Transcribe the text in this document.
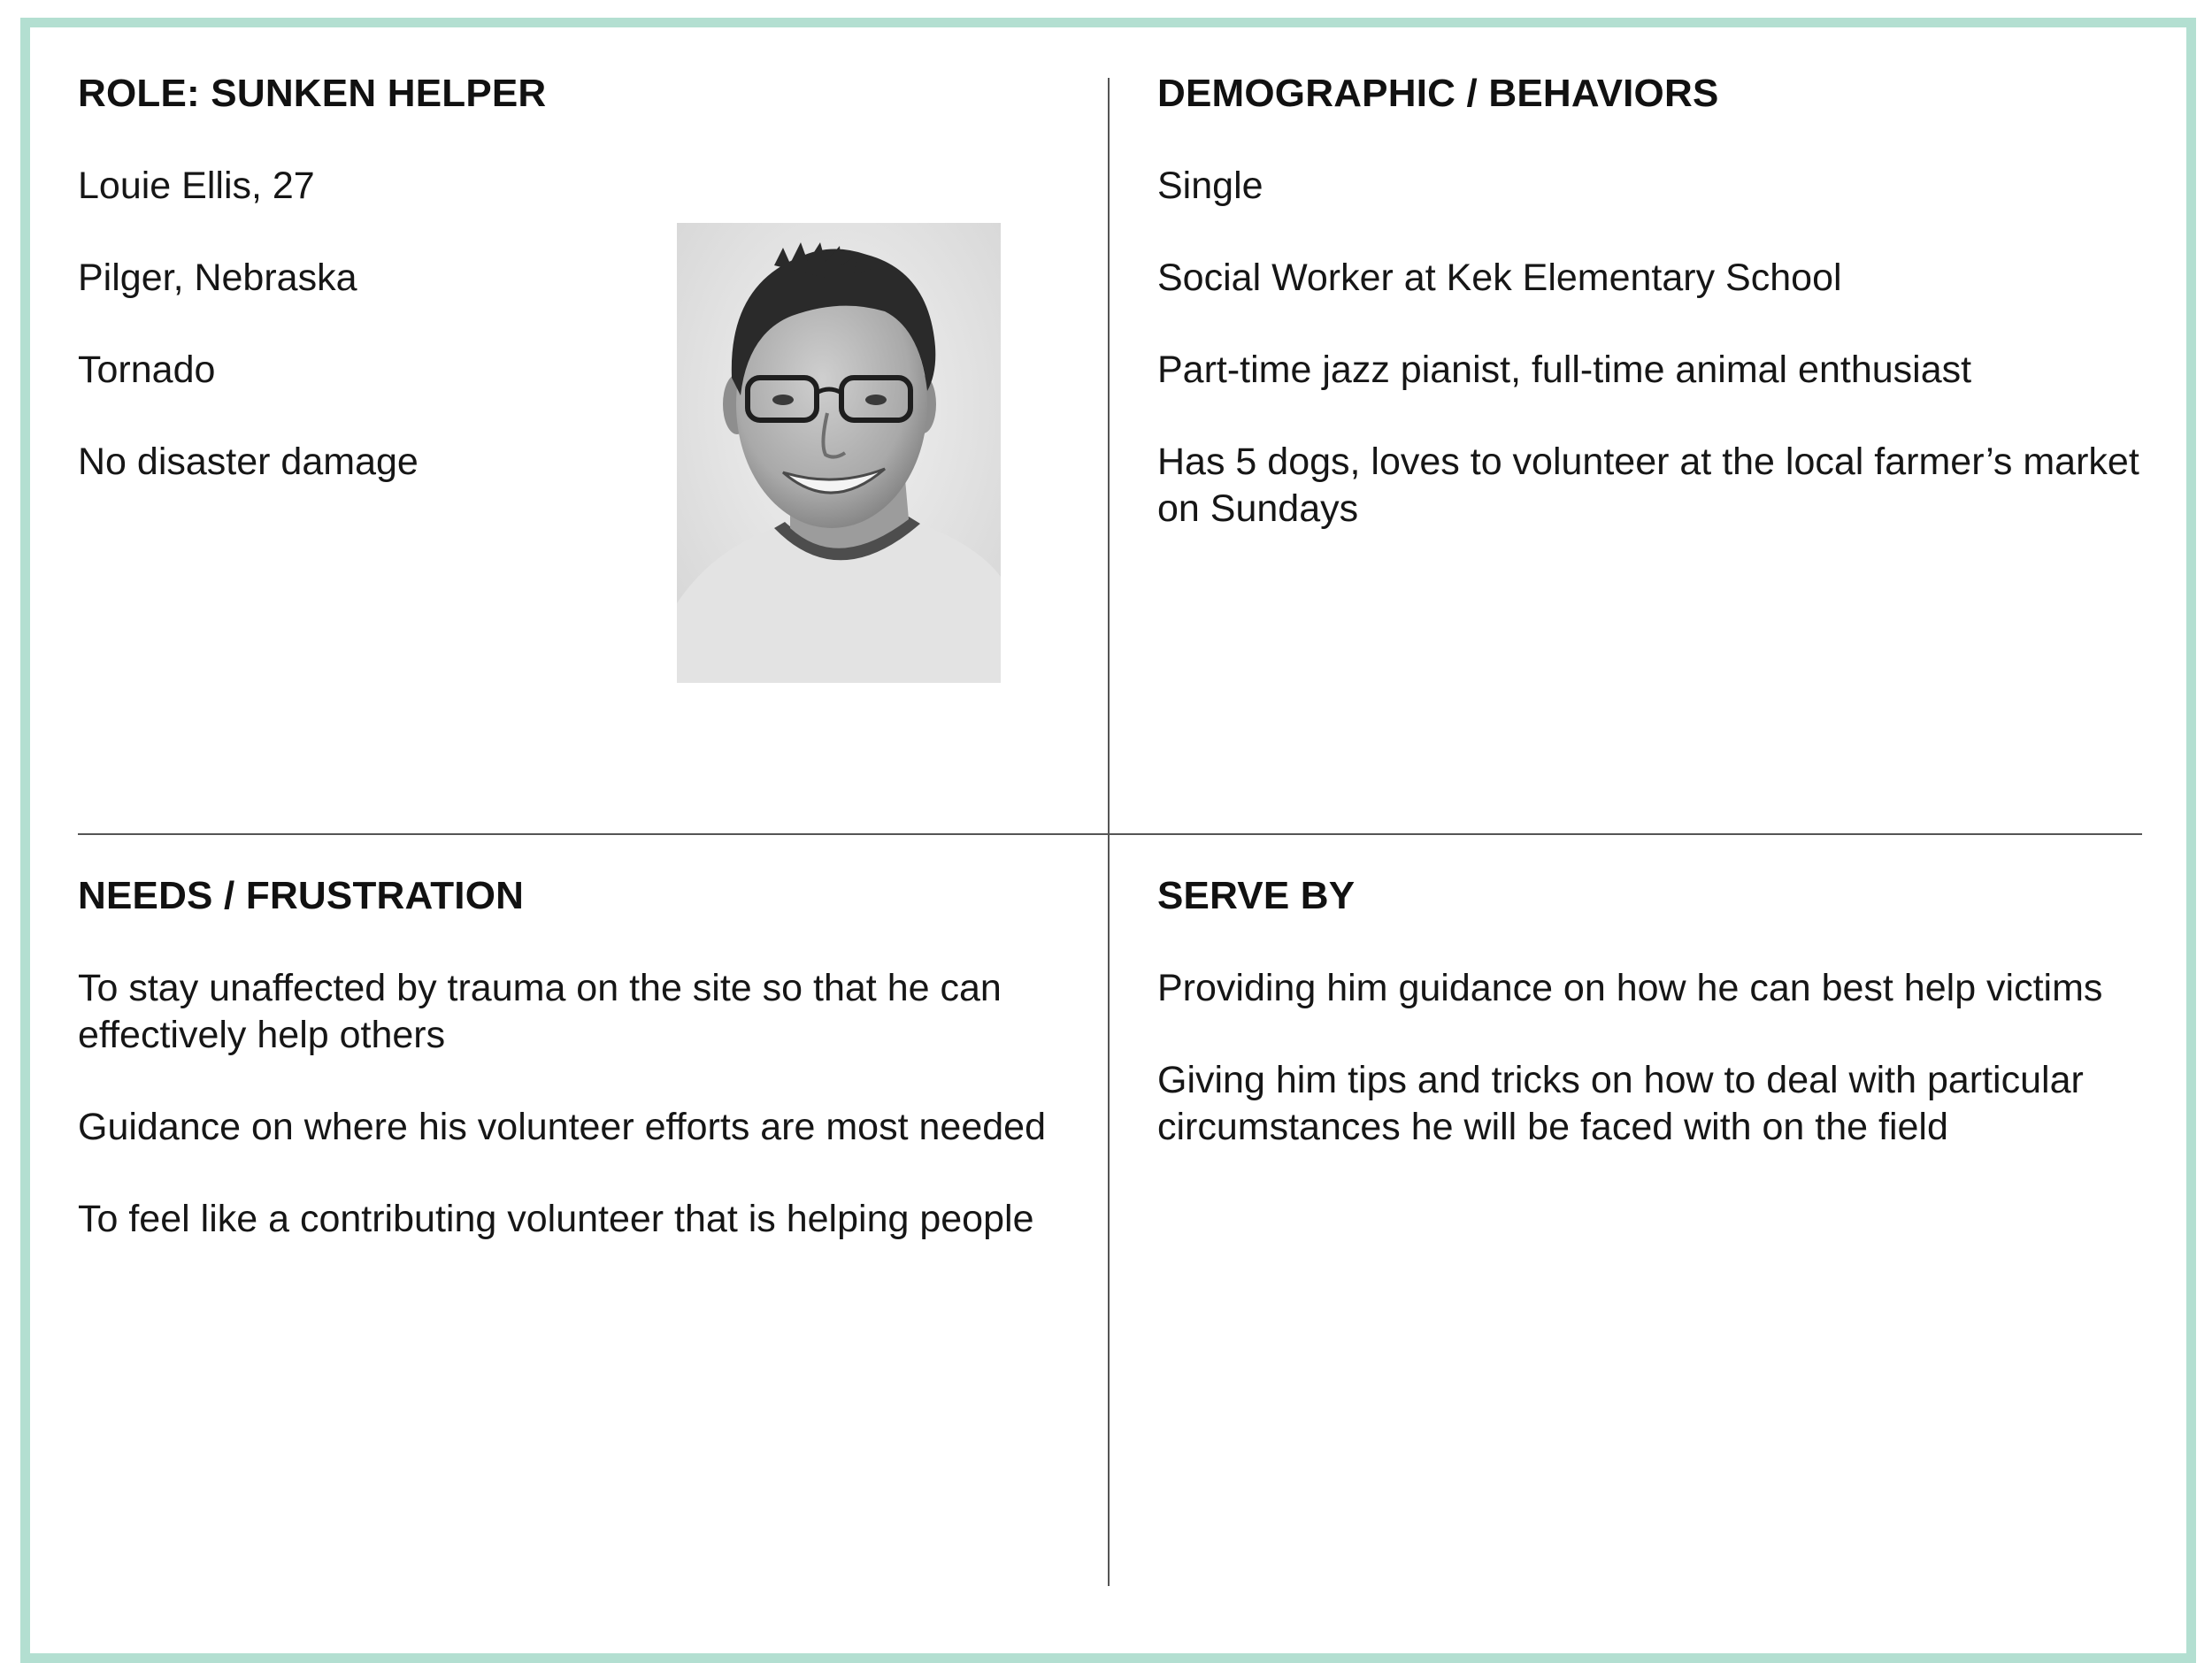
ROLE: SUNKEN HELPER

Louie Ellis, 27

Pilger, Nebraska

Tornado

No disaster damage

DEMOGRAPHIC / BEHAVIORS

Single

Social Worker at Kek Elementary School

Part-time jazz pianist, full-time animal enthusiast

Has 5 dogs, loves to volunteer at the local farmer’s market on Sundays

NEEDS / FRUSTRATION

To stay unaffected by trauma on the site so that he can effectively help others

Guidance on where his volunteer efforts are most needed

To feel like a contributing volunteer that is helping people

SERVE BY

Providing him guidance on how he can best help victims

Giving him tips and tricks on how to deal with particular circumstances he will be faced with on the field
